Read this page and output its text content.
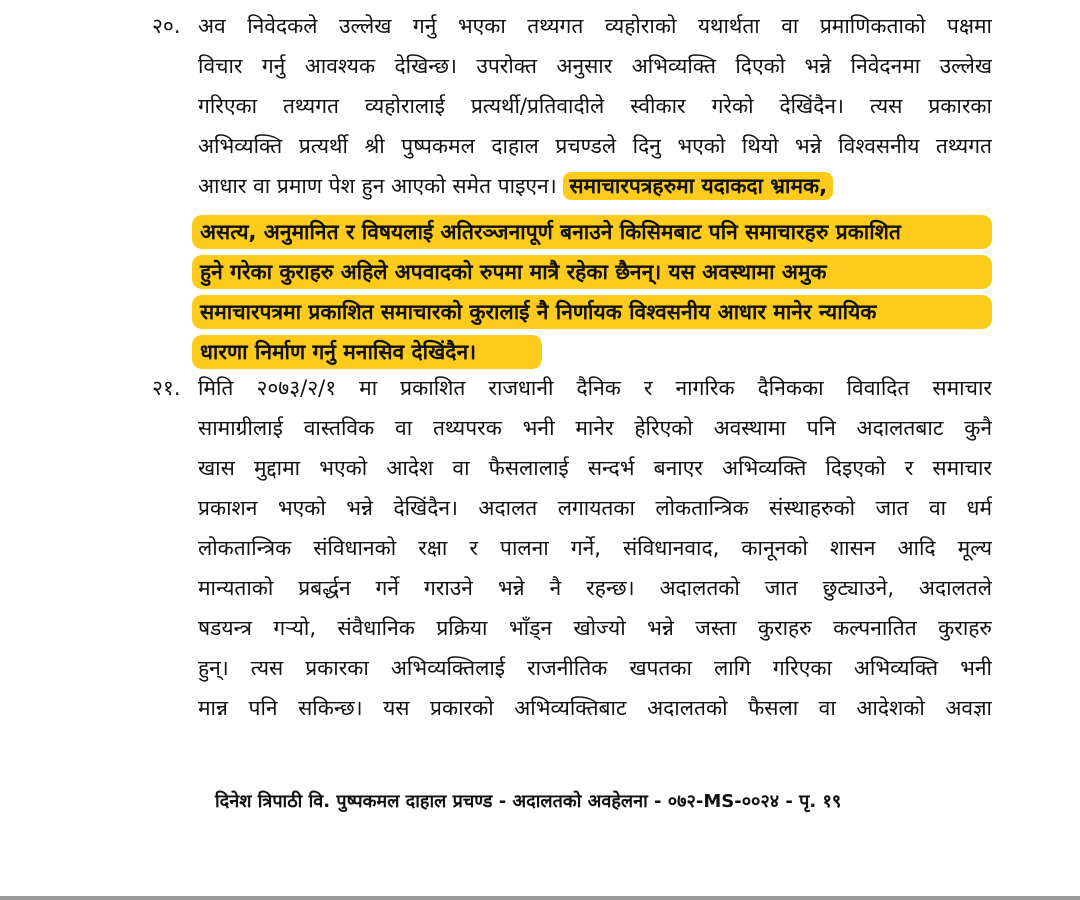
२०. अव निवेदकले उल्लेख गर्नु भएका तथ्यगत व्यहोराको यथार्थता वा प्रमाणिकताको पक्षमा
विचार गर्नु आवश्यक देखिन्छ। उपरोक्त अनुसार अभिव्यक्ति दिएको भन्ने निवेदनमा उल्लेख
गरिएका तथ्यगत व्यहोरालाई प्रत्यर्थी/प्रतिवादीले स्वीकार गरेको देखिंदैन। त्यस प्रकारका
अभिव्यक्ति प्रत्यर्थी श्री पुष्पकमल दाहाल प्रचण्डले दिनु भएको थियो भन्ने विश्वसनीय तथ्यगत
आधार वा प्रमाण पेश हुन आएको समेत पाइएन। समाचारपत्रहरुमा यदाकदा भ्रामक,
असत्य, अनुमानित र विषयलाई अतिरञ्जनापूर्ण बनाउने किसिमबाट पनि समाचारहरु प्रकाशित
हुने गरेका कुराहरु अहिले अपवादको रुपमा मात्रै रहेका छैनन्। यस अवस्थामा अमुक
समाचारपत्रमा प्रकाशित समाचारको कुरालाई नै निर्णायक विश्वसनीय आधार मानेर न्यायिक
धारणा निर्माण गर्नु मनासिव देखिंदैन।
२१. मिति २०७३/२/१ मा प्रकाशित राजधानी दैनिक र नागरिक दैनिकका विवादित समाचार
सामाग्रीलाई वास्तविक वा तथ्यपरक भनी मानेर हेरिएको अवस्थामा पनि अदालतबाट कुनै
खास मुद्दामा भएको आदेश वा फैसलालाई सन्दर्भ बनाएर अभिव्यक्ति दिइएको र समाचार
प्रकाशन भएको भन्ने देखिंदैन। अदालत लगायतका लोकतान्त्रिक संस्थाहरुको जात वा धर्म
लोकतान्त्रिक संविधानको रक्षा र पालना गर्ने, संविधानवाद, कानूनको शासन आदि मूल्य
मान्यताको प्रबर्द्धन गर्ने गराउने भन्ने नै रहन्छ। अदालतको जात छुट्याउने, अदालतले
षडयन्त्र गऱ्यो, संवैधानिक प्रक्रिया भाँड्न खोज्यो भन्ने जस्ता कुराहरु कल्पनातित कुराहरु
हुन्। त्यस प्रकारका अभिव्यक्तिलाई राजनीतिक खपतका लागि गरिएका अभिव्यक्ति भनी
मान्न पनि सकिन्छ। यस प्रकारको अभिव्यक्तिबाट अदालतको फैसला वा आदेशको अवज्ञा
दिनेश त्रिपाठी वि. पुष्पकमल दाहाल प्रचण्ड - अदालतको अवहेलना - ०७२-MS-००२४ - पृ. १९
